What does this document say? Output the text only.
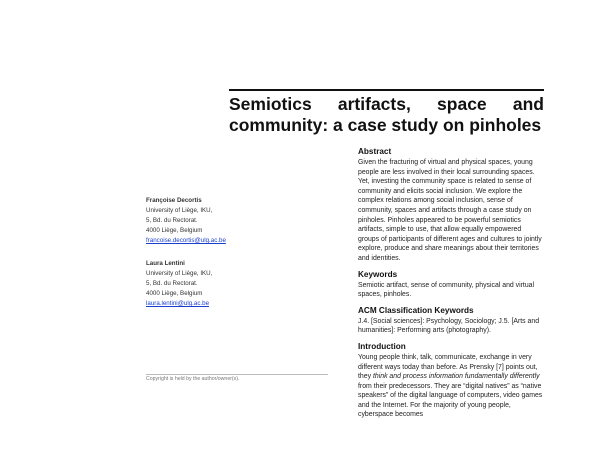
Semiotics artifacts, space and
community: a case study on pinholes
Françoise Decortis
University of Liège, IKU,
5, Bd. du Rectorat.
4000 Liège, Belgium
francoise.decortis@ulg.ac.be
Laura Lentini
University of Liège, IKU,
5, Bd. du Rectorat.
4000 Liège, Belgium
laura.lentini@ulg.ac.be
Copyright is held by the author/owner(s).
Abstract

Given the fracturing of virtual and physical spaces, young people are less involved in their local surrounding spaces. Yet, investing the community space is related to sense of community and elicits social inclusion. We explore the complex relations among social inclusion, sense of community, spaces and artifacts through a case study on pinholes. Pinholes appeared to be powerful semiotics artifacts, simple to use, that allow equally empowered groups of participants of different ages and cultures to jointly explore, produce and share meanings about their territories and identities.

Keywords

Semiotic artifact, sense of community, physical and virtual spaces, pinholes.

ACM Classification Keywords

J.4. [Social sciences]: Psychology, Sociology; J.5. [Arts and humanities]: Performing arts (photography).

Introduction

Young people think, talk, communicate, exchange in very different ways today than before. As Prensky [7] points out, they think and process information fundamentally differently from their predecessors. They are “digital natives” as “native speakers” of the digital language of computers, video games and the Internet. For the majority of young people, cyberspace becomes
